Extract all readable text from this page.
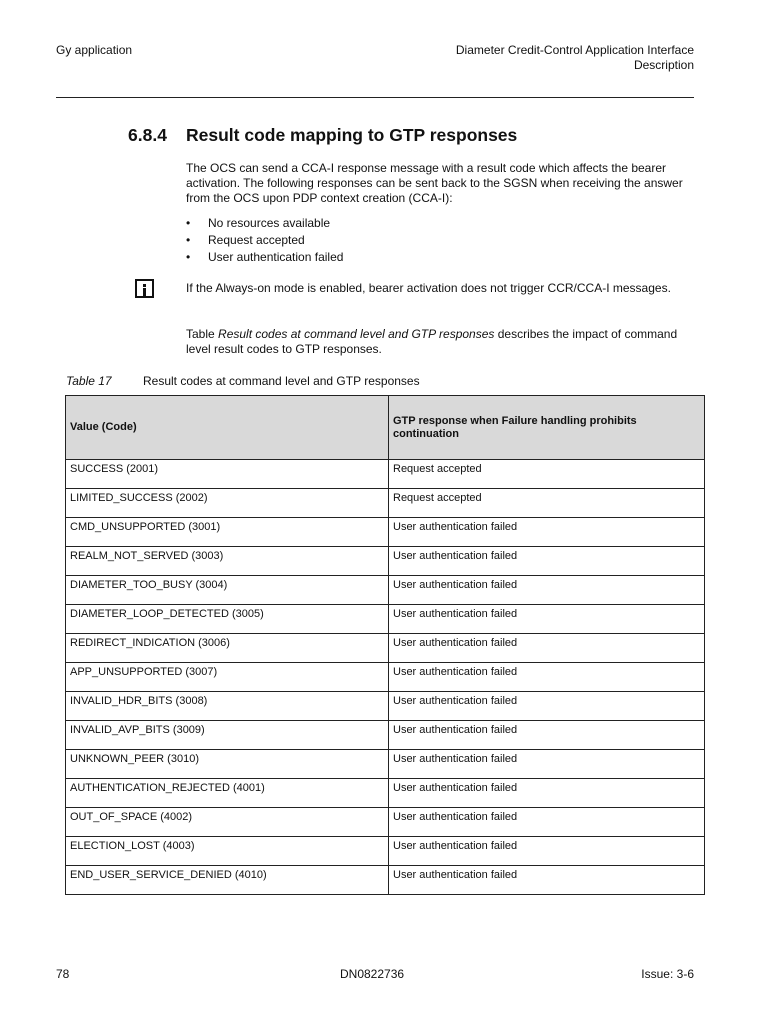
Gy application	Diameter Credit-Control Application Interface
Description
6.8.4 Result code mapping to GTP responses
The OCS can send a CCA-I response message with a result code which affects the bearer activation. The following responses can be sent back to the SGSN when receiving the answer from the OCS upon PDP context creation (CCA-I):
• No resources available
• Request accepted
• User authentication failed
If the Always-on mode is enabled, bearer activation does not trigger CCR/CCA-I messages.
Table Result codes at command level and GTP responses describes the impact of command level result codes to GTP responses.
Table 17	Result codes at command level and GTP responses
Value (Code)	GTP response when Failure handling prohibits continuation
SUCCESS (2001)	Request accepted
LIMITED_SUCCESS (2002)	Request accepted
CMD_UNSUPPORTED (3001)	User authentication failed
REALM_NOT_SERVED (3003)	User authentication failed
DIAMETER_TOO_BUSY (3004)	User authentication failed
DIAMETER_LOOP_DETECTED (3005)	User authentication failed
REDIRECT_INDICATION (3006)	User authentication failed
APP_UNSUPPORTED (3007)	User authentication failed
INVALID_HDR_BITS (3008)	User authentication failed
INVALID_AVP_BITS (3009)	User authentication failed
UNKNOWN_PEER (3010)	User authentication failed
AUTHENTICATION_REJECTED (4001)	User authentication failed
OUT_OF_SPACE (4002)	User authentication failed
ELECTION_LOST (4003)	User authentication failed
END_USER_SERVICE_DENIED (4010)	User authentication failed
78	DN0822736	Issue: 3-6
